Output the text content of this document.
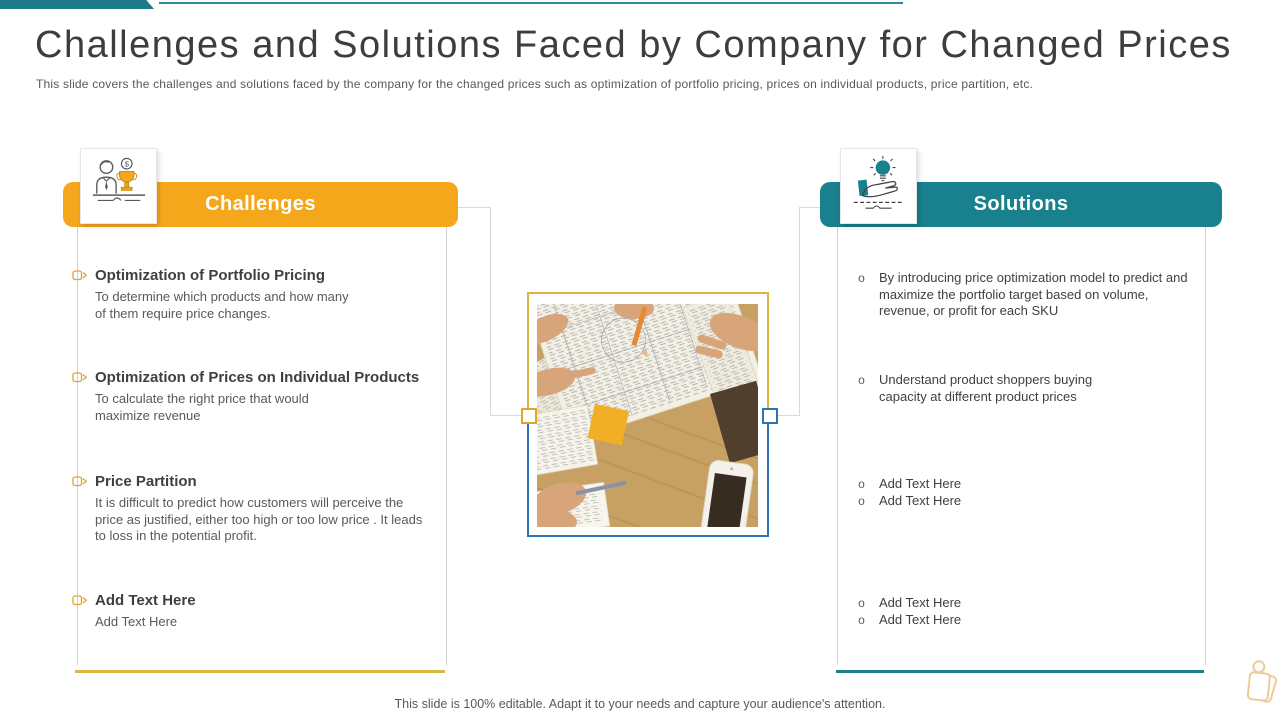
Challenges and Solutions Faced by Company for Changed Prices
This slide covers the challenges and solutions faced by the company for the changed prices such as optimization of portfolio pricing, prices on individual products, price partition, etc.
Challenges	Solutions
$
Optimization of Portfolio Pricing
To determine which products and how many of them require price changes.
Optimization of Prices on Individual Products
To calculate the right price that would maximize revenue
Price Partition
It is difficult to predict how customers will perceive the price as justified, either too high or too low price . It leads to loss in the potential profit.
Add Text Here
Add Text Here
o By introducing price optimization model to predict and maximize the portfolio target based on volume, revenue, or profit for each SKU
o Understand product shoppers buying capacity at different product prices
o Add Text Here
o Add Text Here
o Add Text Here
o Add Text Here
This slide is 100% editable. Adapt it to your needs and capture your audience's attention.
